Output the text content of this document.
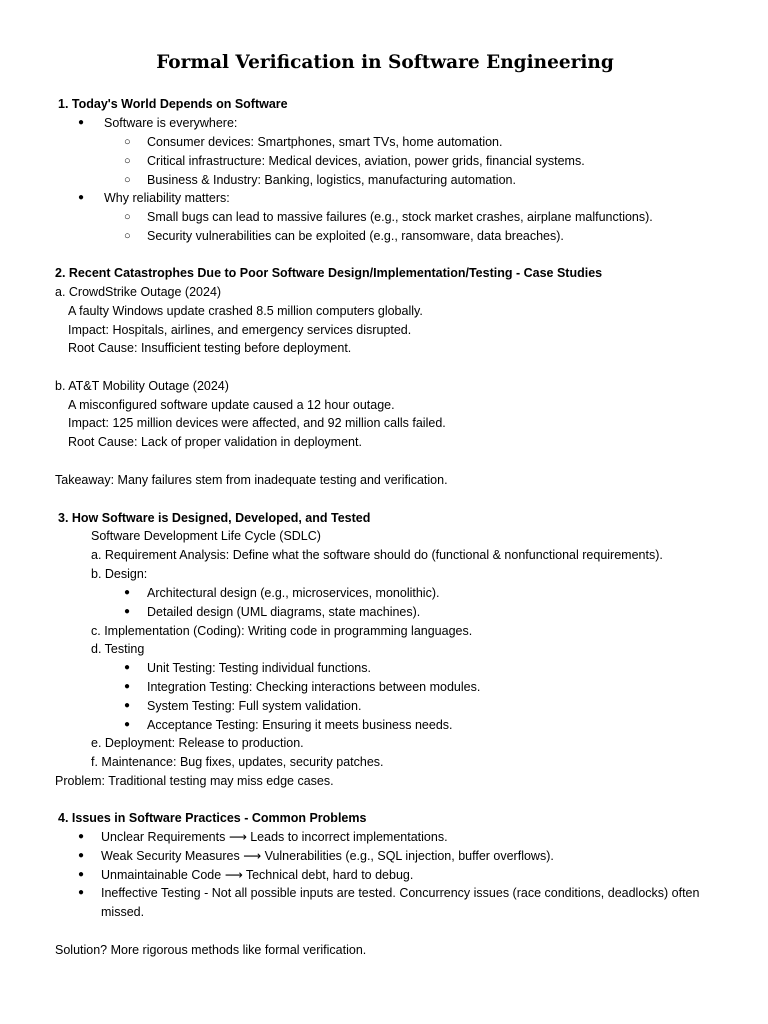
Formal Verification in Software Engineering
1. Today's World Depends on Software
● Software is everywhere:
○ Consumer devices: Smartphones, smart TVs, home automation.
○ Critical infrastructure: Medical devices, aviation, power grids, financial systems.
○ Business & Industry: Banking, logistics, manufacturing automation.
● Why reliability matters:
○ Small bugs can lead to massive failures (e.g., stock market crashes, airplane malfunctions).
○ Security vulnerabilities can be exploited (e.g., ransomware, data breaches).
2. Recent Catastrophes Due to Poor Software Design/Implementation/Testing - Case Studies
a. CrowdStrike Outage (2024)
A faulty Windows update crashed 8.5 million computers globally.
Impact: Hospitals, airlines, and emergency services disrupted.
Root Cause: Insufficient testing before deployment.
b. AT&T Mobility Outage (2024)
A misconfigured software update caused a 12 hour outage.
Impact: 125 million devices were affected, and 92 million calls failed.
Root Cause: Lack of proper validation in deployment.
Takeaway: Many failures stem from inadequate testing and verification.
3. How Software is Designed, Developed, and Tested
Software Development Life Cycle (SDLC)
a. Requirement Analysis: Define what the software should do (functional & nonfunctional requirements).
b. Design:
● Architectural design (e.g., microservices, monolithic).
● Detailed design (UML diagrams, state machines).
c. Implementation (Coding): Writing code in programming languages.
d. Testing
● Unit Testing: Testing individual functions.
● Integration Testing: Checking interactions between modules.
● System Testing: Full system validation.
● Acceptance Testing: Ensuring it meets business needs.
e. Deployment: Release to production.
f. Maintenance: Bug fixes, updates, security patches.
Problem: Traditional testing may miss edge cases.
4. Issues in Software Practices - Common Problems
● Unclear Requirements ⟶ Leads to incorrect implementations.
● Weak Security Measures ⟶ Vulnerabilities (e.g., SQL injection, buffer overflows).
● Unmaintainable Code ⟶ Technical debt, hard to debug.
● Ineffective Testing - Not all possible inputs are tested. Concurrency issues (race conditions, deadlocks) often missed.
Solution? More rigorous methods like formal verification.
